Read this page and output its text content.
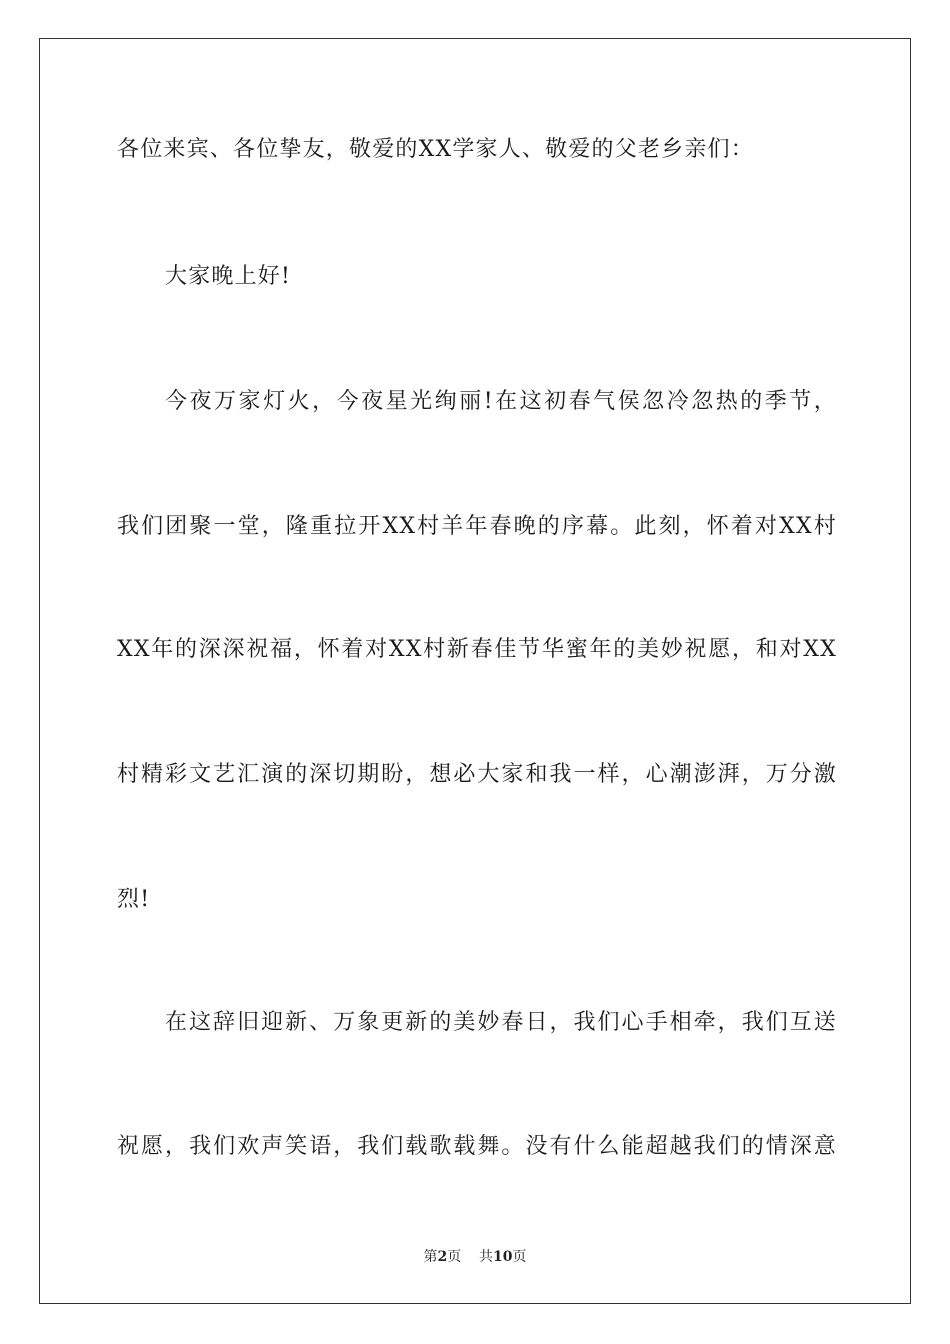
各位来宾、各位挚友，敬爱的XX学家人、敬爱的父老乡亲们：
大家晚上好!
今夜万家灯火，今夜星光绚丽!在这初春气侯忽冷忽热的季节，
我们团聚一堂，隆重拉开XX村羊年春晚的序幕。此刻，怀着对XX村
XX年的深深祝福，怀着对XX村新春佳节华蜜年的美妙祝愿，和对XX
村精彩文艺汇演的深切期盼，想必大家和我一样，心潮澎湃，万分激
烈!
在这辞旧迎新、万象更新的美妙春日，我们心手相牵，我们互送
祝愿，我们欢声笑语，我们载歌载舞。没有什么能超越我们的情深意
第2页 共10页
